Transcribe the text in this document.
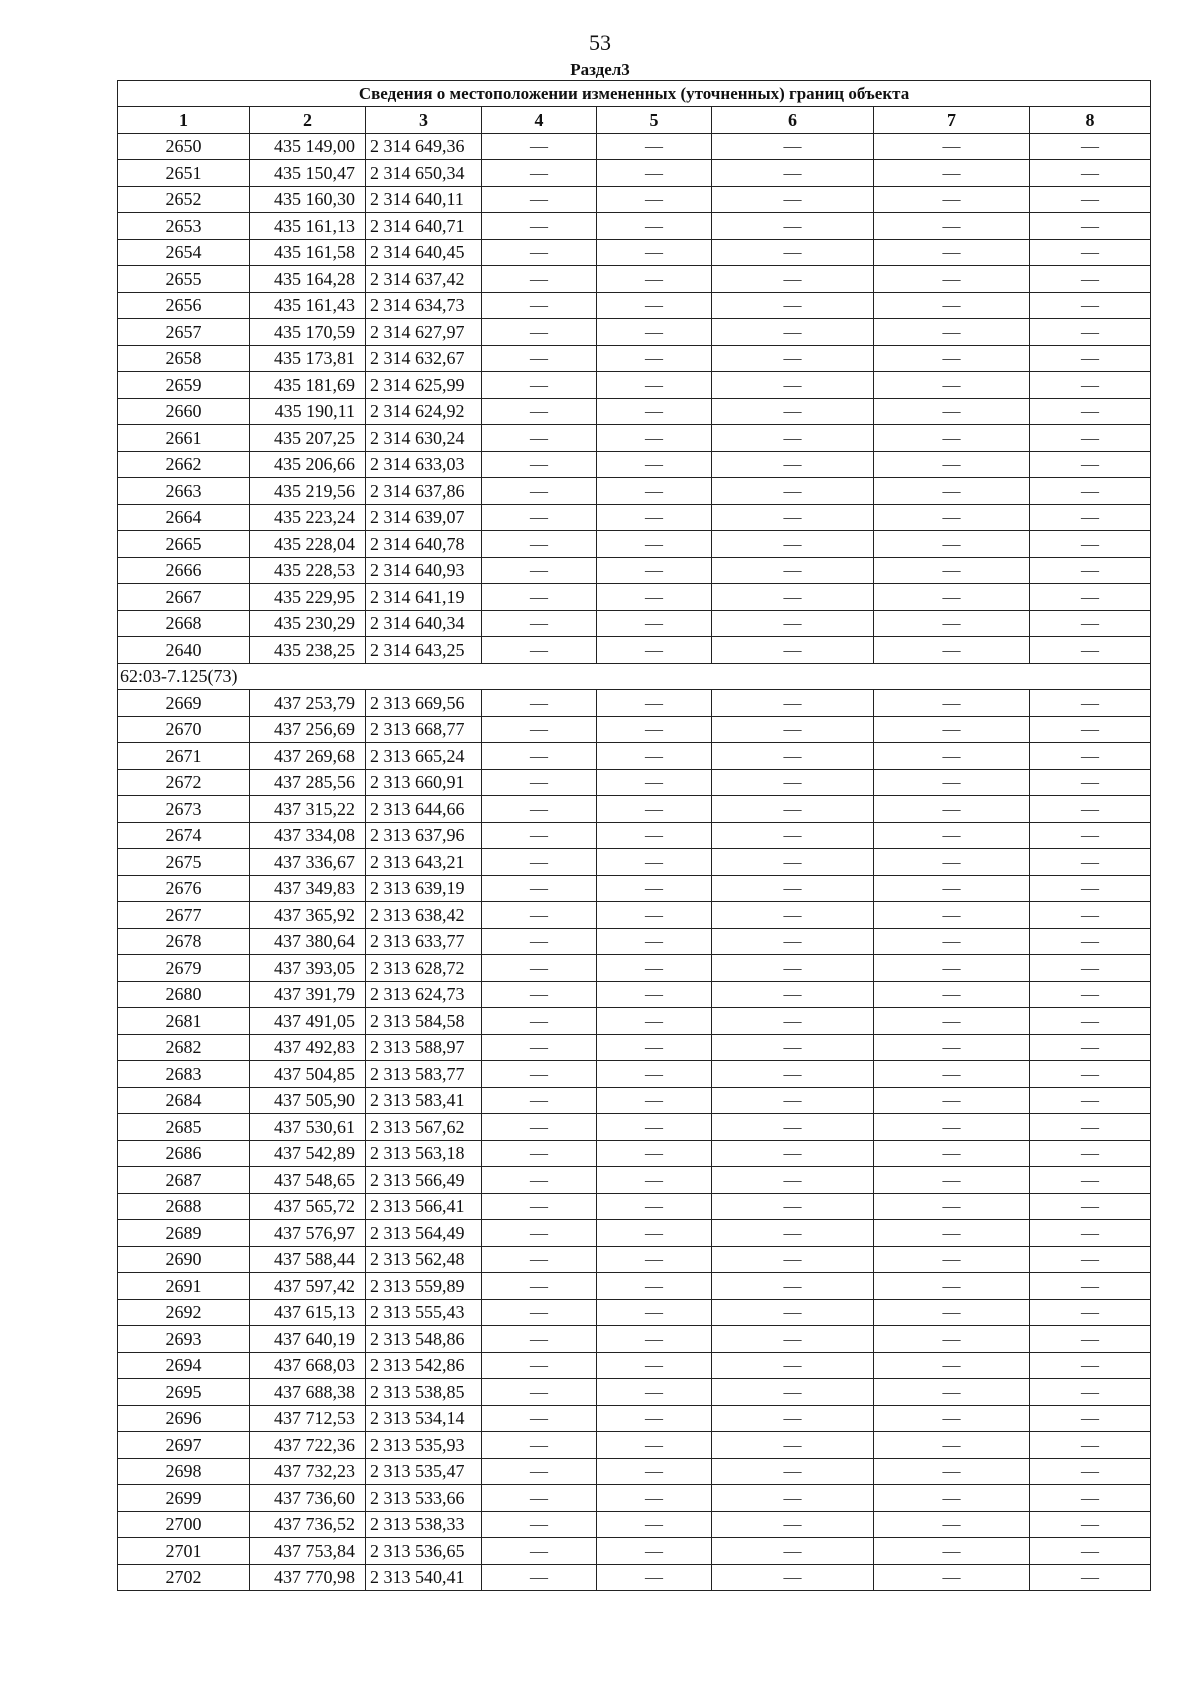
53
Раздел3
Сведения о местоположении измененных (уточненных) границ объекта							
1	2	3	4	5	6	7	8
2650	435 149,00	2 314 649,36	—	—	—	—	—
2651	435 150,47	2 314 650,34	—	—	—	—	—
2652	435 160,30	2 314 640,11	—	—	—	—	—
2653	435 161,13	2 314 640,71	—	—	—	—	—
2654	435 161,58	2 314 640,45	—	—	—	—	—
2655	435 164,28	2 314 637,42	—	—	—	—	—
2656	435 161,43	2 314 634,73	—	—	—	—	—
2657	435 170,59	2 314 627,97	—	—	—	—	—
2658	435 173,81	2 314 632,67	—	—	—	—	—
2659	435 181,69	2 314 625,99	—	—	—	—	—
2660	435 190,11	2 314 624,92	—	—	—	—	—
2661	435 207,25	2 314 630,24	—	—	—	—	—
2662	435 206,66	2 314 633,03	—	—	—	—	—
2663	435 219,56	2 314 637,86	—	—	—	—	—
2664	435 223,24	2 314 639,07	—	—	—	—	—
2665	435 228,04	2 314 640,78	—	—	—	—	—
2666	435 228,53	2 314 640,93	—	—	—	—	—
2667	435 229,95	2 314 641,19	—	—	—	—	—
2668	435 230,29	2 314 640,34	—	—	—	—	—
2640	435 238,25	2 314 643,25	—	—	—	—	—
62:03-7.125(73)							
2669	437 253,79	2 313 669,56	—	—	—	—	—
2670	437 256,69	2 313 668,77	—	—	—	—	—
2671	437 269,68	2 313 665,24	—	—	—	—	—
2672	437 285,56	2 313 660,91	—	—	—	—	—
2673	437 315,22	2 313 644,66	—	—	—	—	—
2674	437 334,08	2 313 637,96	—	—	—	—	—
2675	437 336,67	2 313 643,21	—	—	—	—	—
2676	437 349,83	2 313 639,19	—	—	—	—	—
2677	437 365,92	2 313 638,42	—	—	—	—	—
2678	437 380,64	2 313 633,77	—	—	—	—	—
2679	437 393,05	2 313 628,72	—	—	—	—	—
2680	437 391,79	2 313 624,73	—	—	—	—	—
2681	437 491,05	2 313 584,58	—	—	—	—	—
2682	437 492,83	2 313 588,97	—	—	—	—	—
2683	437 504,85	2 313 583,77	—	—	—	—	—
2684	437 505,90	2 313 583,41	—	—	—	—	—
2685	437 530,61	2 313 567,62	—	—	—	—	—
2686	437 542,89	2 313 563,18	—	—	—	—	—
2687	437 548,65	2 313 566,49	—	—	—	—	—
2688	437 565,72	2 313 566,41	—	—	—	—	—
2689	437 576,97	2 313 564,49	—	—	—	—	—
2690	437 588,44	2 313 562,48	—	—	—	—	—
2691	437 597,42	2 313 559,89	—	—	—	—	—
2692	437 615,13	2 313 555,43	—	—	—	—	—
2693	437 640,19	2 313 548,86	—	—	—	—	—
2694	437 668,03	2 313 542,86	—	—	—	—	—
2695	437 688,38	2 313 538,85	—	—	—	—	—
2696	437 712,53	2 313 534,14	—	—	—	—	—
2697	437 722,36	2 313 535,93	—	—	—	—	—
2698	437 732,23	2 313 535,47	—	—	—	—	—
2699	437 736,60	2 313 533,66	—	—	—	—	—
2700	437 736,52	2 313 538,33	—	—	—	—	—
2701	437 753,84	2 313 536,65	—	—	—	—	—
2702	437 770,98	2 313 540,41	—	—	—	—	—
